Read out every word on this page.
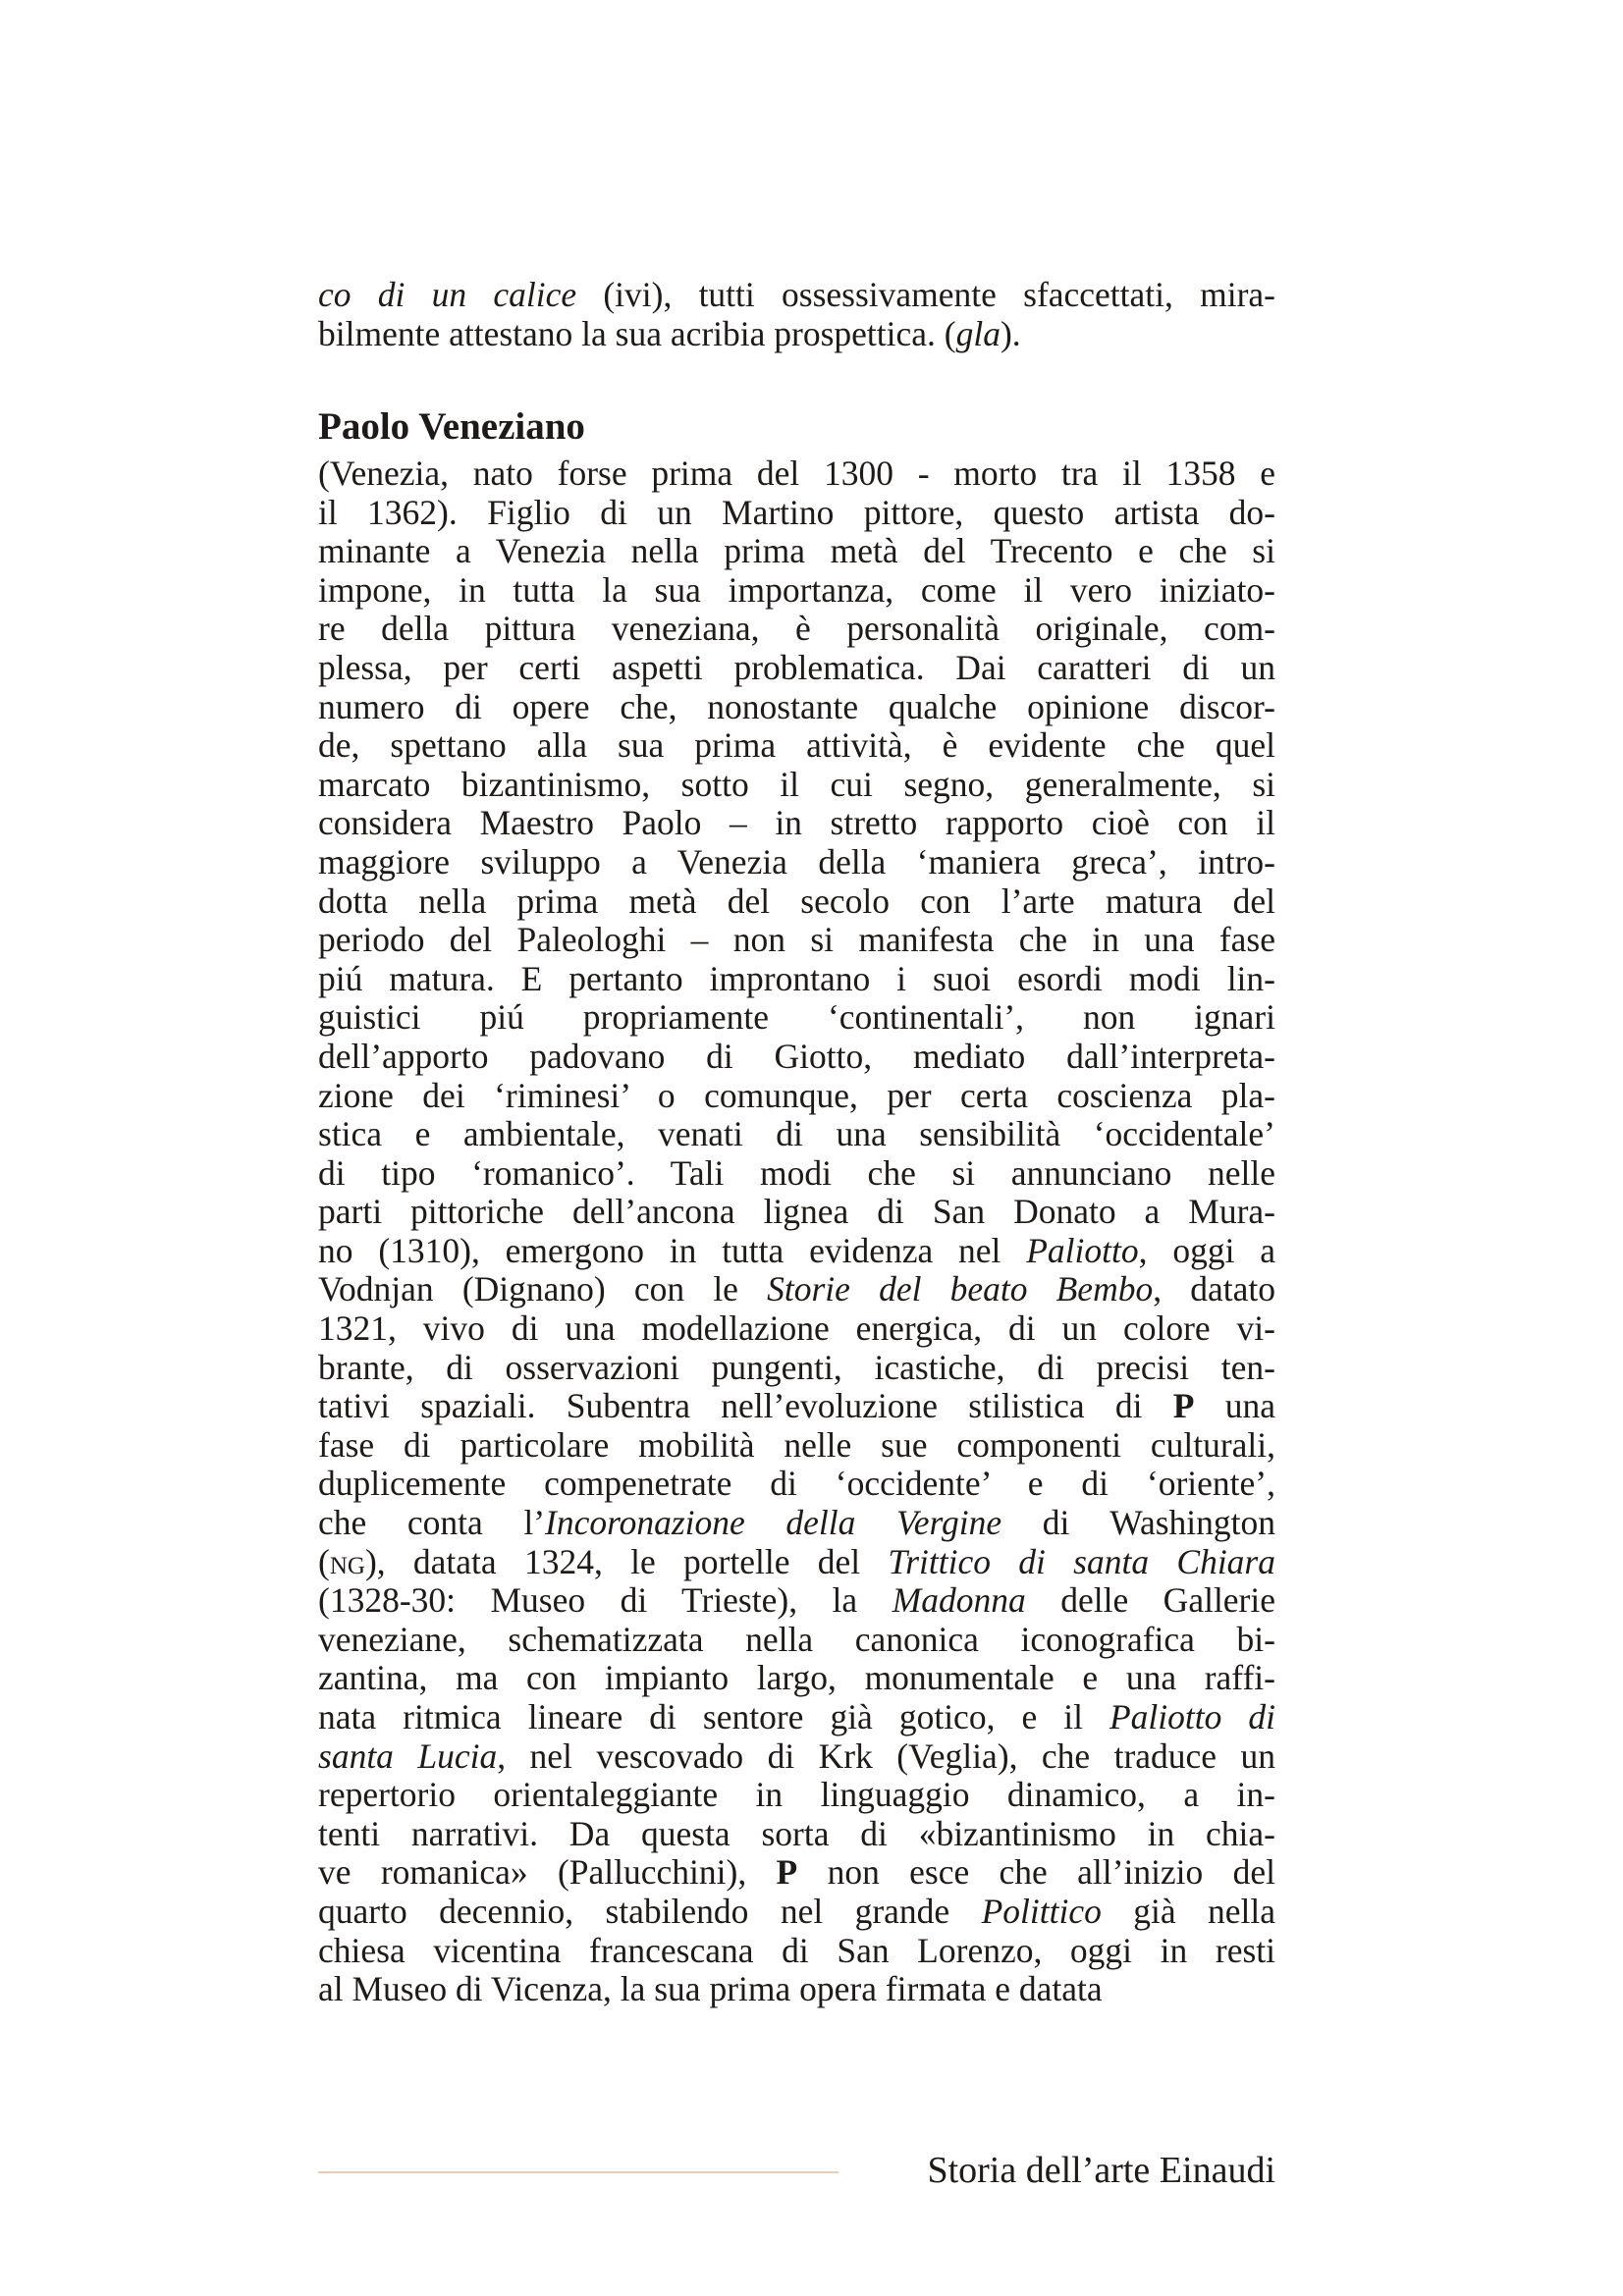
co di un calice (ivi), tutti ossessivamente sfaccettati, mira-
bilmente attestano la sua acribia prospettica. (gla).
Paolo Veneziano
(Venezia, nato forse prima del 1300 - morto tra il 1358 e
il 1362). Figlio di un Martino pittore, questo artista do-
minante a Venezia nella prima metà del Trecento e che si
impone, in tutta la sua importanza, come il vero iniziato-
re della pittura veneziana, è personalità originale, com-
plessa, per certi aspetti problematica. Dai caratteri di un
numero di opere che, nonostante qualche opinione discor-
de, spettano alla sua prima attività, è evidente che quel
marcato bizantinismo, sotto il cui segno, generalmente, si
considera Maestro Paolo – in stretto rapporto cioè con il
maggiore sviluppo a Venezia della ‘maniera greca’, intro-
dotta nella prima metà del secolo con l’arte matura del
periodo del Paleologhi – non si manifesta che in una fase
piú matura. E pertanto improntano i suoi esordi modi lin-
guistici piú propriamente ‘continentali’, non ignari
dell’apporto padovano di Giotto, mediato dall’interpreta-
zione dei ‘riminesi’ o comunque, per certa coscienza pla-
stica e ambientale, venati di una sensibilità ‘occidentale’
di tipo ‘romanico’. Tali modi che si annunciano nelle
parti pittoriche dell’ancona lignea di San Donato a Mura-
no (1310), emergono in tutta evidenza nel Paliotto, oggi a
Vodnjan (Dignano) con le Storie del beato Bembo, datato
1321, vivo di una modellazione energica, di un colore vi-
brante, di osservazioni pungenti, icastiche, di precisi ten-
tativi spaziali. Subentra nell’evoluzione stilistica di P una
fase di particolare mobilità nelle sue componenti culturali,
duplicemente compenetrate di ‘occidente’ e di ‘oriente’,
che conta l’Incoronazione della Vergine di Washington
(ng), datata 1324, le portelle del Trittico di santa Chiara
(1328-30: Museo di Trieste), la Madonna delle Gallerie
veneziane, schematizzata nella canonica iconografica bi-
zantina, ma con impianto largo, monumentale e una raffi-
nata ritmica lineare di sentore già gotico, e il Paliotto di
santa Lucia, nel vescovado di Krk (Veglia), che traduce un
repertorio orientaleggiante in linguaggio dinamico, a in-
tenti narrativi. Da questa sorta di «bizantinismo in chia-
ve romanica» (Pallucchini), P non esce che all’inizio del
quarto decennio, stabilendo nel grande Polittico già nella
chiesa vicentina francescana di San Lorenzo, oggi in resti
al Museo di Vicenza, la sua prima opera firmata e datata
Storia dell’arte Einaudi
